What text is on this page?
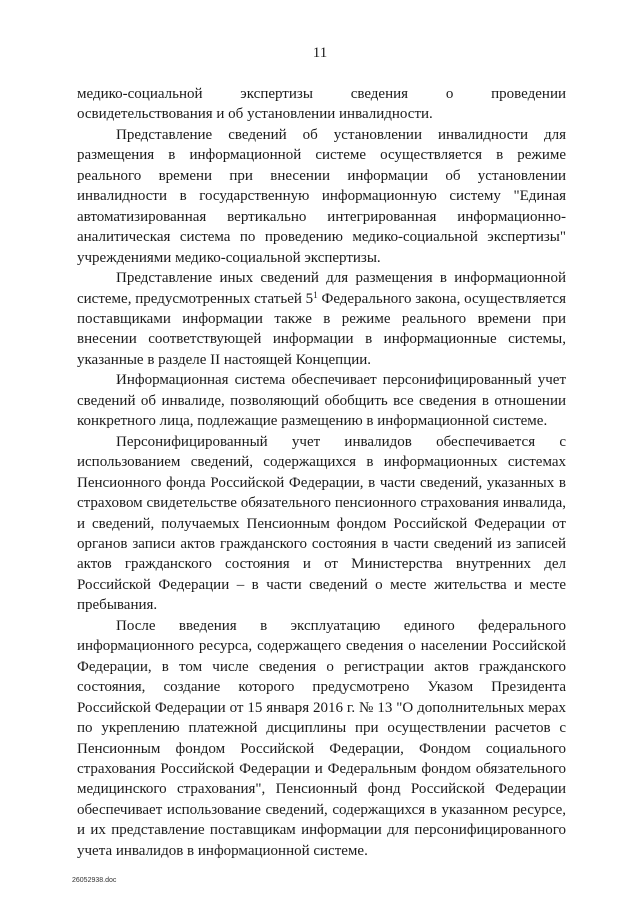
11

медико-социальной экспертизы сведения о проведении освидетельствования и об установлении инвалидности.

Представление сведений об установлении инвалидности для размещения в информационной системе осуществляется в режиме реального времени при внесении информации об установлении инвалидности в государственную информационную систему "Единая автоматизированная вертикально интегрированная информационно-аналитическая система по проведению медико-социальной экспертизы" учреждениями медико-социальной экспертизы.

Представление иных сведений для размещения в информационной системе, предусмотренных статьей $5^1$ Федерального закона, осуществляется поставщиками информации также в режиме реального времени при внесении соответствующей информации в информационные системы, указанные в разделе II настоящей Концепции.

Информационная система обеспечивает персонифицированный учет сведений об инвалиде, позволяющий обобщить все сведения в отношении конкретного лица, подлежащие размещению в информационной системе.

Персонифицированный учет инвалидов обеспечивается с использованием сведений, содержащихся в информационных системах Пенсионного фонда Российской Федерации, в части сведений, указанных в страховом свидетельстве обязательного пенсионного страхования инвалида, и сведений, получаемых Пенсионным фондом Российской Федерации от органов записи актов гражданского состояния в части сведений из записей актов гражданского состояния и от Министерства внутренних дел Российской Федерации – в части сведений о месте жительства и месте пребывания.

После введения в эксплуатацию единого федерального информационного ресурса, содержащего сведения о населении Российской Федерации, в том числе сведения о регистрации актов гражданского состояния, создание которого предусмотрено Указом Президента Российской Федерации от 15 января 2016 г. № 13 "О дополнительных мерах по укреплению платежной дисциплины при осуществлении расчетов с Пенсионным фондом Российской Федерации, Фондом социального страхования Российской Федерации и Федеральным фондом обязательного медицинского страхования", Пенсионный фонд Российской Федерации обеспечивает использование сведений, содержащихся в указанном ресурсе, и их представление поставщикам информации для персонифицированного учета инвалидов в информационной системе.

26052938.doc
